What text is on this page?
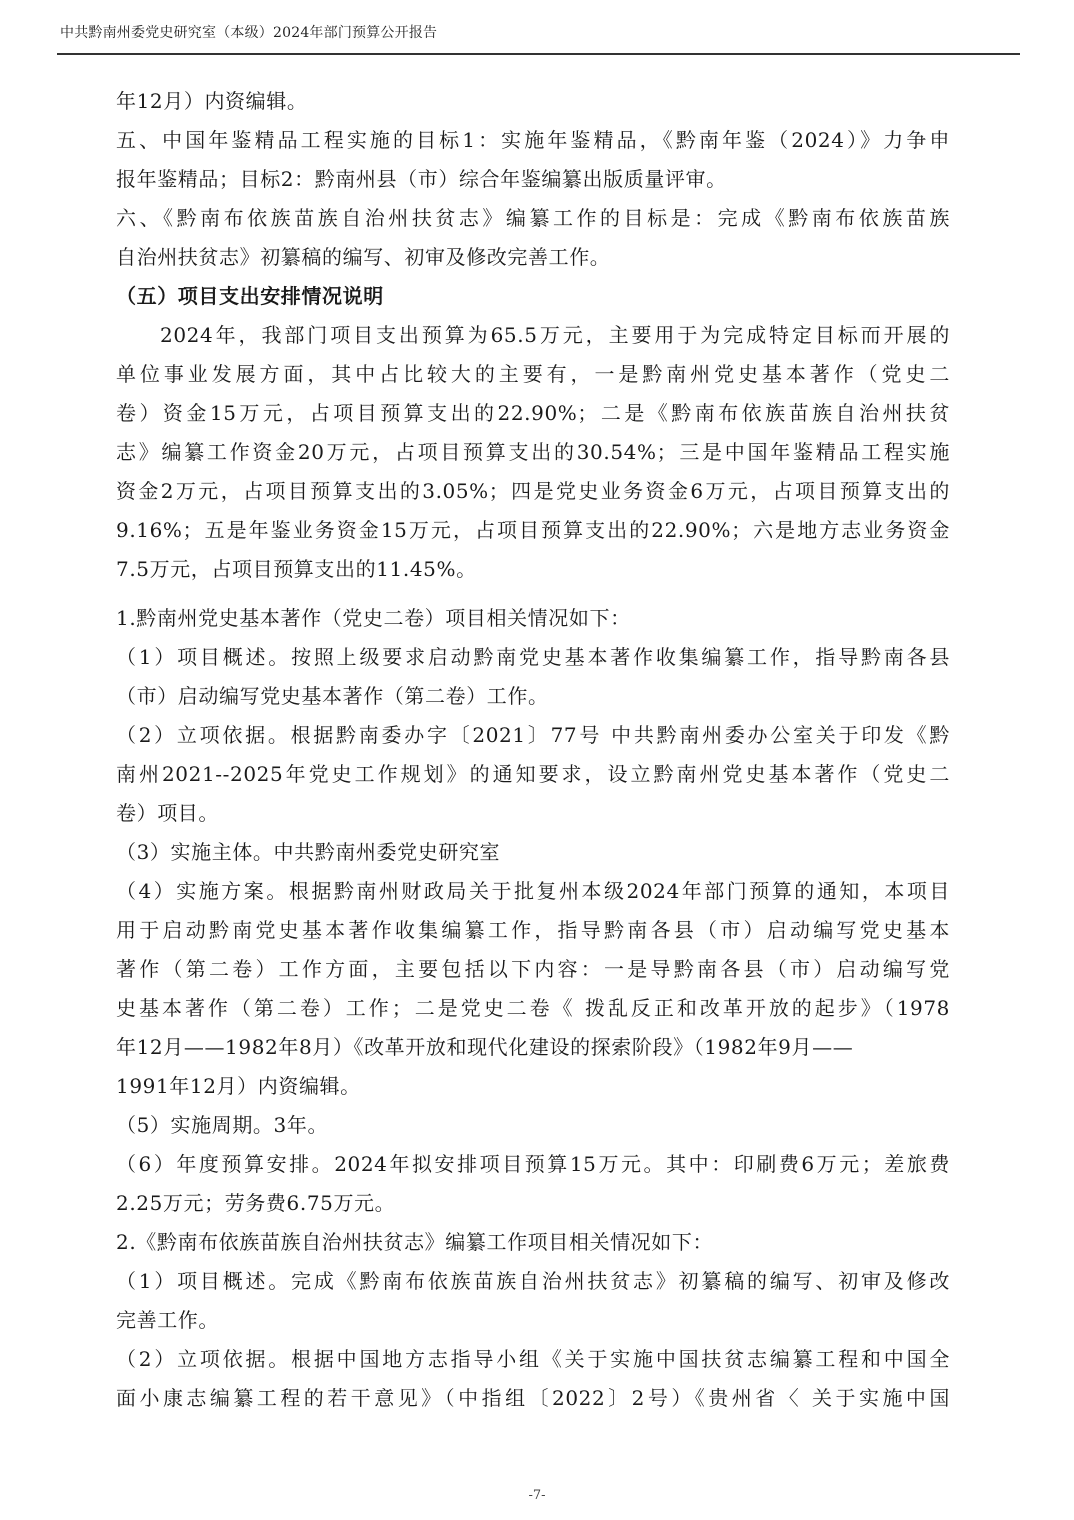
中共黔南州委党史研究室（本级）2024年部门预算公开报告
年12月）内资编辑。
五、中国年鉴精品工程实施的目标1：实施年鉴精品，《黔南年鉴（2024）》力争申
报年鉴精品；目标2：黔南州县（市）综合年鉴编纂出版质量评审。
六、《黔南布依族苗族自治州扶贫志》编纂工作的目标是：完成《黔南布依族苗族
自治州扶贫志》初纂稿的编写、初审及修改完善工作。
（五）项目支出安排情况说明
2024年，我部门项目支出预算为65.5万元，主要用于为完成特定目标而开展的
单位事业发展方面，其中占比较大的主要有，一是黔南州党史基本著作（党史二
卷）资金15万元，占项目预算支出的22.90%；二是《黔南布依族苗族自治州扶贫
志》编纂工作资金20万元，占项目预算支出的30.54%；三是中国年鉴精品工程实施
资金2万元，占项目预算支出的3.05%；四是党史业务资金6万元，占项目预算支出的
9.16%；五是年鉴业务资金15万元，占项目预算支出的22.90%；六是地方志业务资金
7.5万元，占项目预算支出的11.45%。
1.黔南州党史基本著作（党史二卷）项目相关情况如下：
（1）项目概述。按照上级要求启动黔南党史基本著作收集编纂工作，指导黔南各县
（市）启动编写党史基本著作（第二卷）工作。
（2）立项依据。根据黔南委办字〔2021〕77号 中共黔南州委办公室关于印发《黔
南州2021--2025年党史工作规划》的通知要求，设立黔南州党史基本著作（党史二
卷）项目。
（3）实施主体。中共黔南州委党史研究室
（4）实施方案。根据黔南州财政局关于批复州本级2024年部门预算的通知，本项目
用于启动黔南党史基本著作收集编纂工作，指导黔南各县（市）启动编写党史基本
著作（第二卷）工作方面，主要包括以下内容：一是导黔南各县（市）启动编写党
史基本著作（第二卷）工作；二是党史二卷《 拨乱反正和改革开放的起步》（1978
年12月——1982年8月）《改革开放和现代化建设的探索阶段》（1982年9月——
1991年12月）内资编辑。
（5）实施周期。3年。
（6）年度预算安排。2024年拟安排项目预算15万元。其中：印刷费6万元；差旅费
2.25万元；劳务费6.75万元。
2.《黔南布依族苗族自治州扶贫志》编纂工作项目相关情况如下：
（1）项目概述。完成《黔南布依族苗族自治州扶贫志》初纂稿的编写、初审及修改
完善工作。
（2）立项依据。根据中国地方志指导小组《关于实施中国扶贫志编纂工程和中国全
面小康志编纂工程的若干意见》（中指组〔2022〕2号）《贵州省〈 关于实施中国
-7-
